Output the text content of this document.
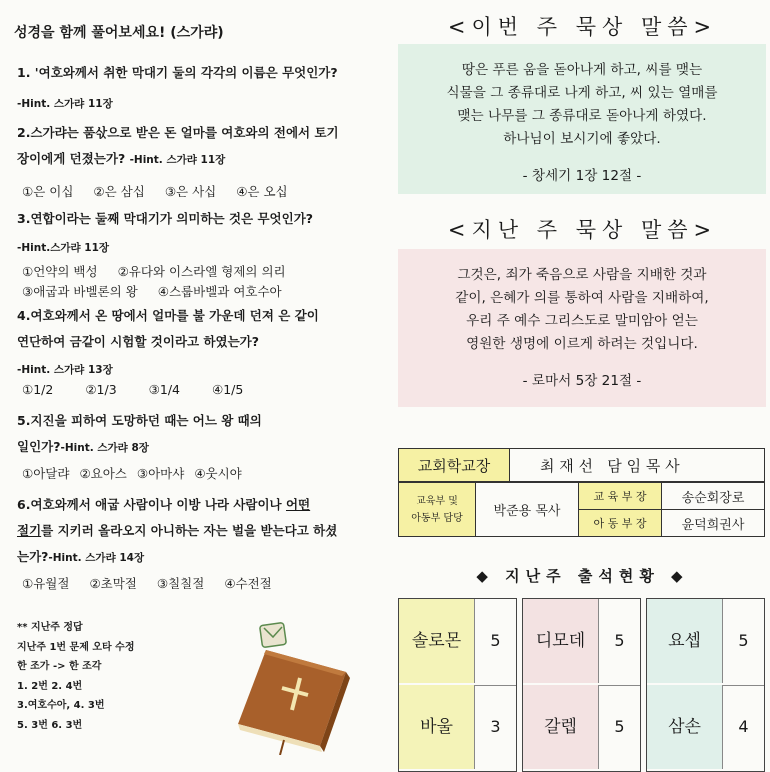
성경을 함께 풀어보세요! (스가랴)
1. '여호와께서 취한 막대기 둘의 각각의 이름은 무엇인가?
-Hint. 스가랴 11장
2.스가랴는 품삯으로 받은 돈 얼마를 여호와의 전에서 토기
장이에게 던졌는가? -Hint. 스가랴 11장
①은 이십 ②은 삼십 ③은 사십 ④은 오십
3.연합이라는 둘째 막대기가 의미하는 것은 무엇인가?
-Hint.스가랴 11장
①언약의 백성 ②유다와 이스라엘 형제의 의리
③애굽과 바벨론의 왕 ④스룹바벨과 여호수아
4.여호와께서 온 땅에서 얼마를 불 가운데 던져 은 같이
연단하여 금같이 시험할 것이라고 하였는가?
-Hint. 스가랴 13장
①1/2	②1/3	③1/4	④1/5
5.지진을 피하여 도망하던 때는 어느 왕 때의
일인가?-Hint. 스가랴 8장
①아달랴 ②요아스 ③아마샤 ④웃시야
6.여호와께서 애굽 사람이나 이방 나라 사람이나 어떤
절기를 지키러 올라오지 아니하는 자는 벌을 받는다고 하셨
는가?-Hint. 스가랴 14장
①유월절 ②초막절 ③칠칠절 ④수전절
** 지난주 정답
지난주 1번 문제 오타 수정
한 조가 -> 한 조각
1. 2번 2. 4번
3.여호수아, 4. 3번
5. 3번 6. 3번
<이번 주 묵상 말씀>
땅은 푸른 움을 돋아나게 하고, 씨를 맺는
식물을 그 종류대로 나게 하고, 씨 있는 열매를
맺는 나무를 그 종류대로 돋아나게 하였다.
하나님이 보시기에 좋았다.
- 창세기 1장 12절 -
<지난 주 묵상 말씀>
그것은, 죄가 죽음으로 사람을 지배한 것과
같이, 은혜가 의를 통하여 사람을 지배하여,
우리 주 예수 그리스도로 말미암아 얻는
영원한 생명에 이르게 하려는 것입니다.
- 로마서 5장 21절 -
교회학교장	최 재 선   담 임 목 사
교육부 및
아동부 담당	박준용 목사	교 육 부 장	송순회장로
		아 동 부 장	윤덕희권사
◆ 지난주 출석현황 ◆
솔로몬	5
바울	3
디모데	5
갈렙	5
요셉	5
삼손	4
